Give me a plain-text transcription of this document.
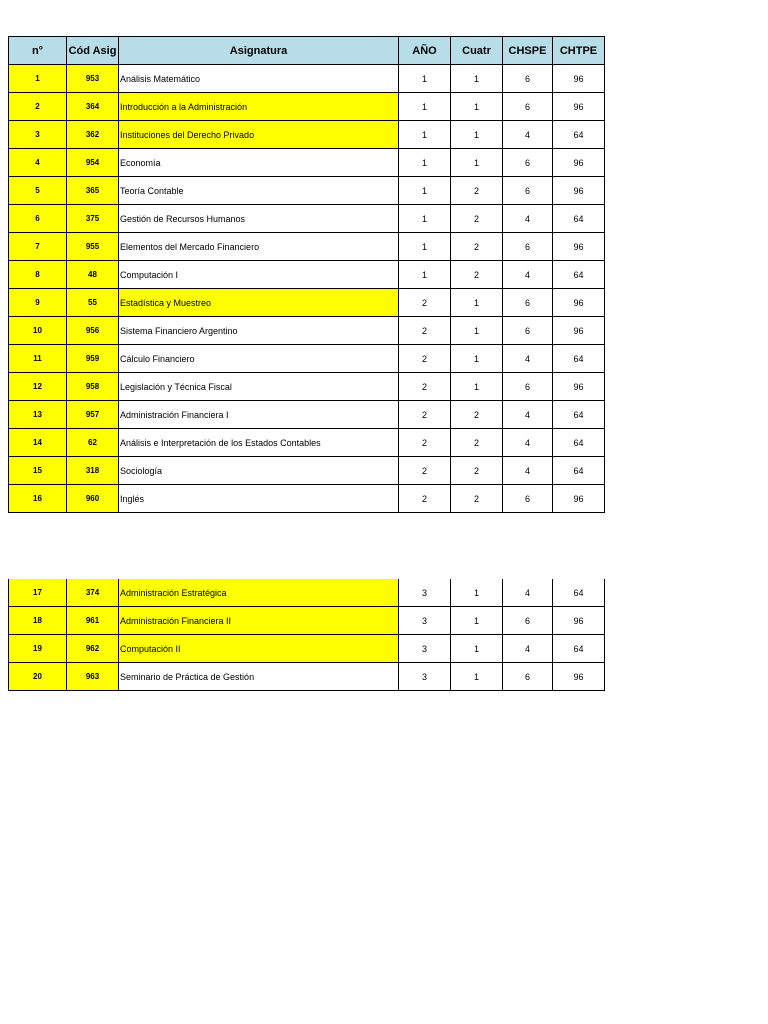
n°	Cód Asig	Asignatura	AÑO	Cuatr	CHSPE	CHTPE
1	953	Análisis Matemático	1	1	6	96
2	364	Introducción a la Administración	1	1	6	96
3	362	Instituciones del Derecho Privado	1	1	4	64
4	954	Economía	1	1	6	96
5	365	Teoría Contable	1	2	6	96
6	375	Gestión de Recursos Humanos	1	2	4	64
7	955	Elementos del Mercado Financiero	1	2	6	96
8	48	Computación I	1	2	4	64
9	55	Estadística y Muestreo	2	1	6	96
10	956	Sistema Financiero Argentino	2	1	6	96
11	959	Cálculo Financiero	2	1	4	64
12	958	Legislación y Técnica Fiscal	2	1	6	96
13	957	Administración Financiera I	2	2	4	64
14	62	Análisis e Interpretación de los Estados Contables	2	2	4	64
15	318	Sociología	2	2	4	64
16	960	Inglés	2	2	6	96
17	374	Administración Estratégica	3	1	4	64
18	961	Administración Financiera II	3	1	6	96
19	962	Computación II	3	1	4	64
20	963	Seminario de Práctica de Gestión	3	1	6	96
